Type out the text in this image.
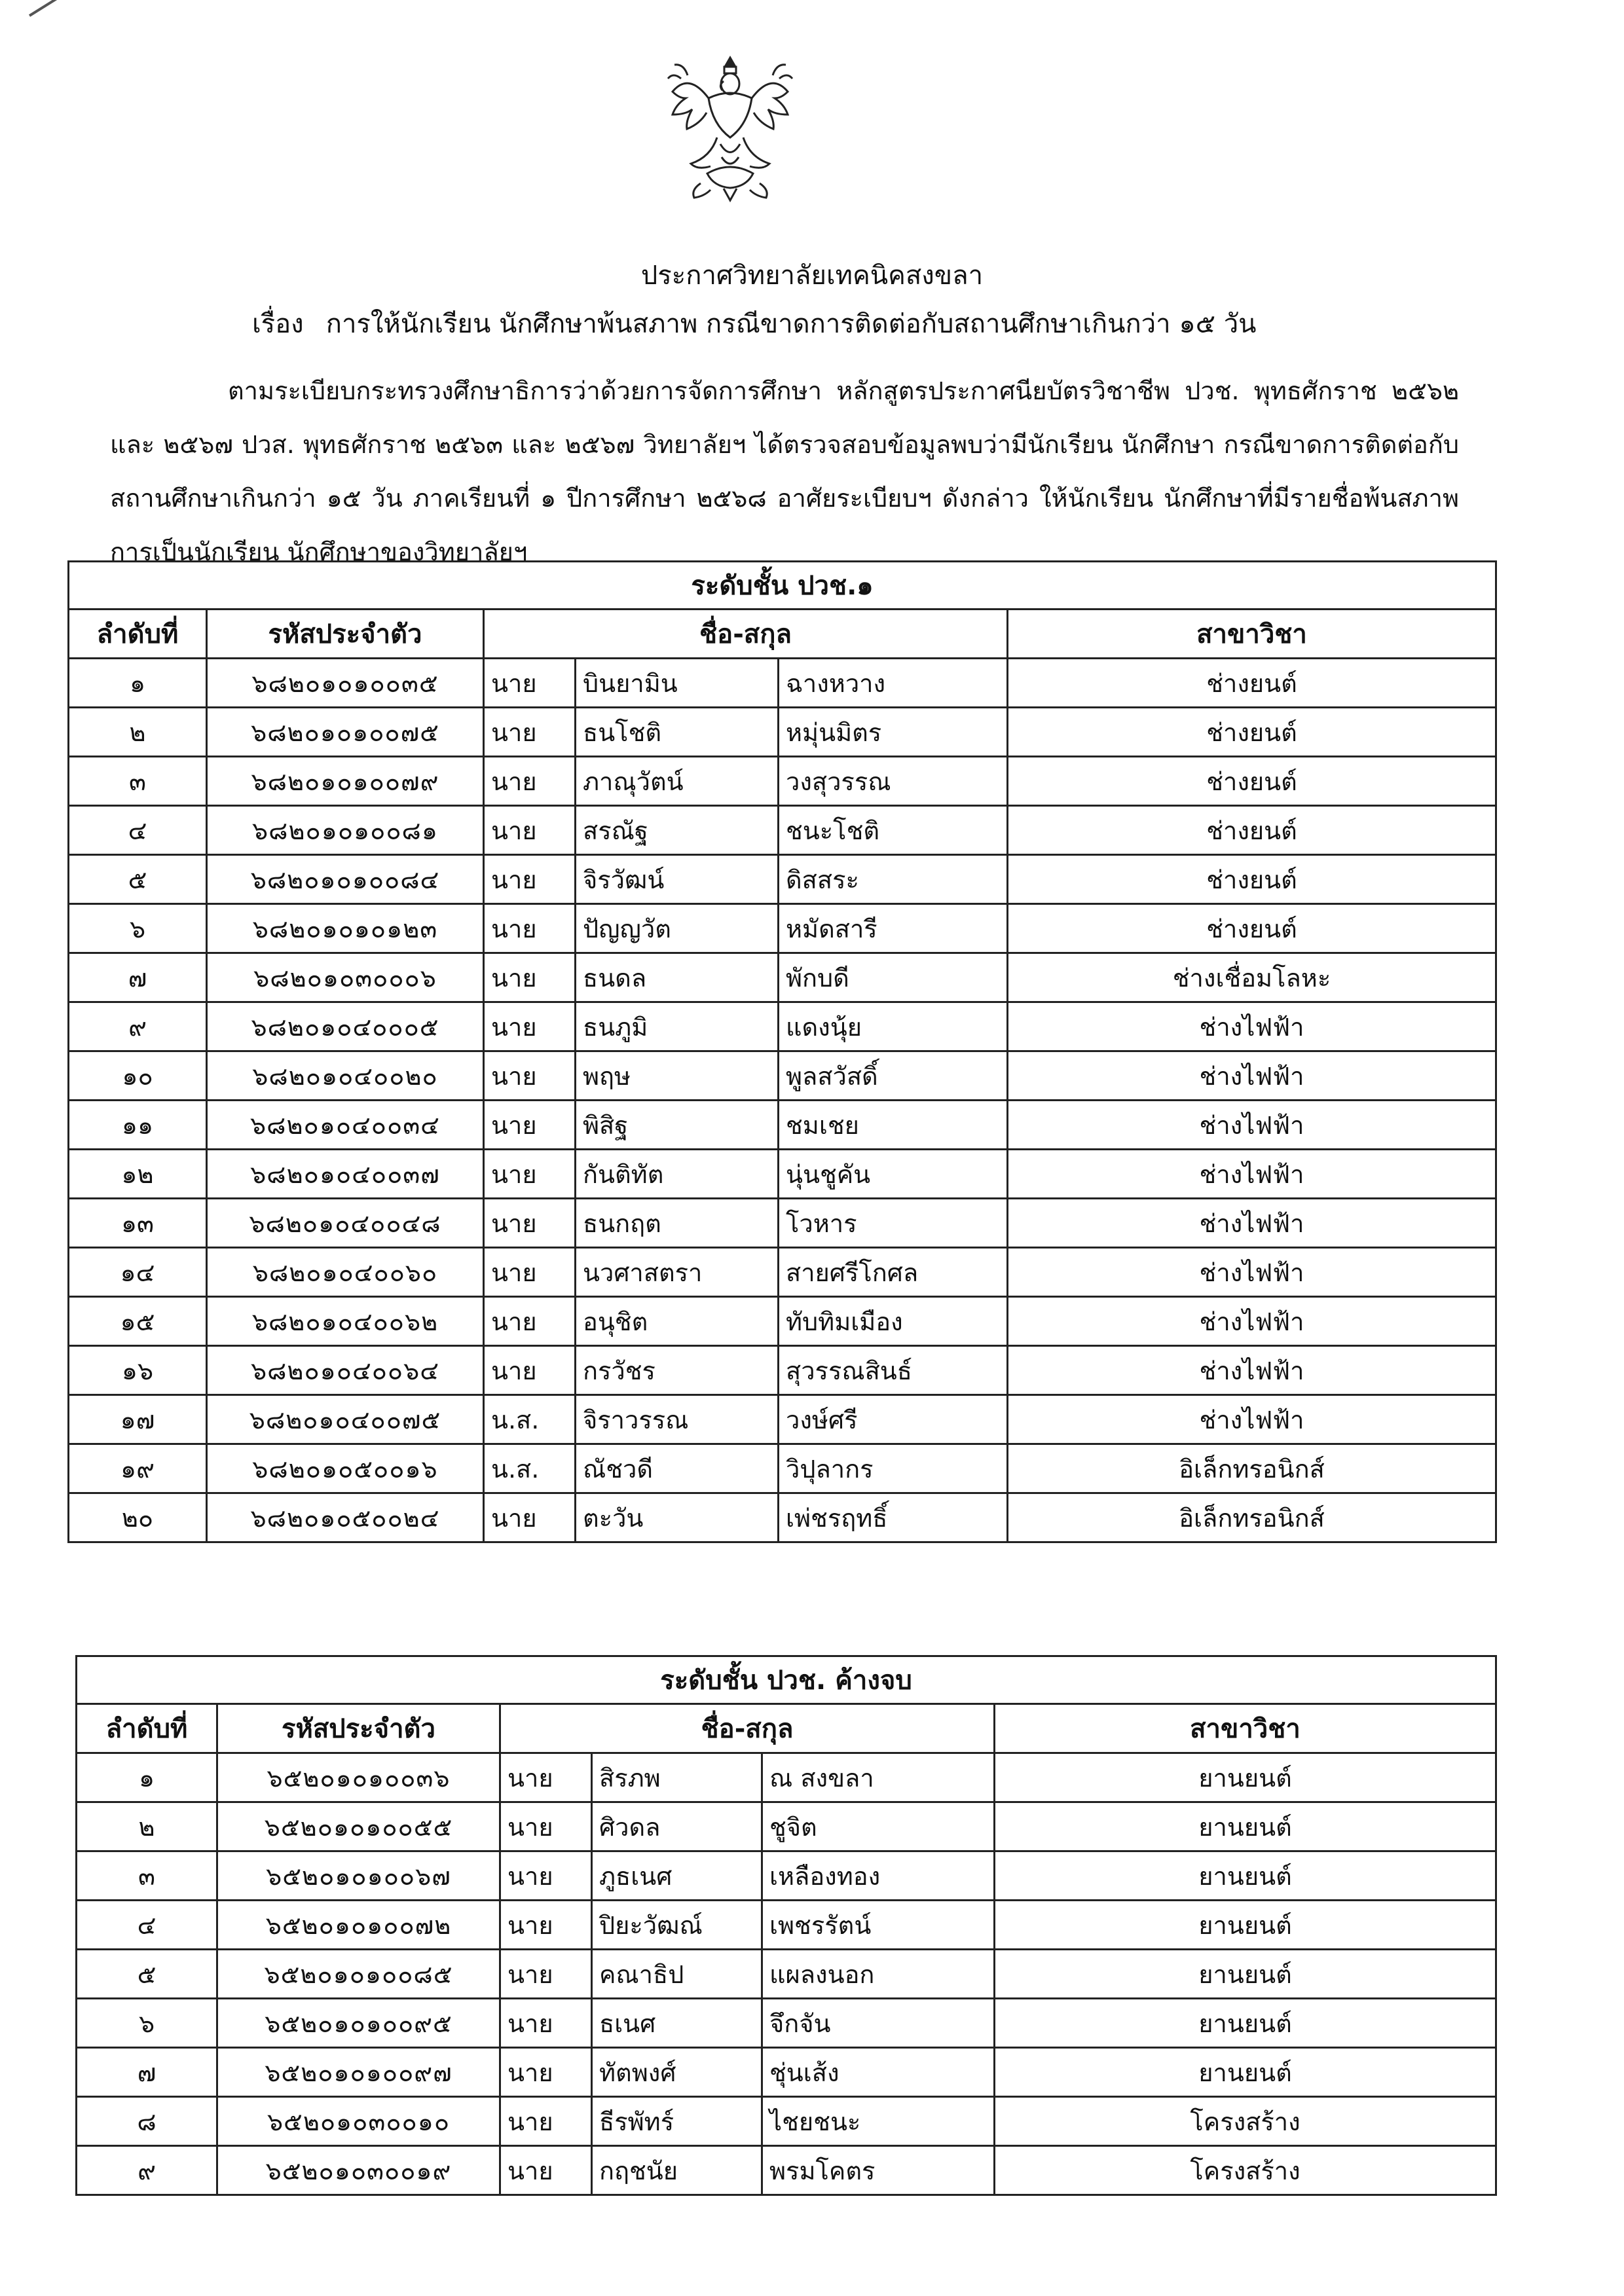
ประกาศวิทยาลัยเทคนิคสงขลา
เรื่อง การให้นักเรียน นักศึกษาพ้นสภาพ กรณีขาดการติดต่อกับสถานศึกษาเกินกว่า ๑๕ วัน
ตามระเบียบกระทรวงศึกษาธิการว่าด้วยการจัดการศึกษา หลักสูตรประกาศนียบัตรวิชาชีพ ปวช. พุทธศักราช ๒๕๖๒ และ ๒๕๖๗ ปวส. พุทธศักราช ๒๕๖๓ และ ๒๕๖๗ วิทยาลัยฯ ได้ตรวจสอบข้อมูลพบว่ามีนักเรียน นักศึกษา กรณีขาดการติดต่อกับสถานศึกษาเกินกว่า ๑๕ วัน ภาคเรียนที่ ๑ ปีการศึกษา ๒๕๖๘ อาศัยระเบียบฯ ดังกล่าว ให้นักเรียน นักศึกษาที่มีรายชื่อพ้นสภาพการเป็นนักเรียน นักศึกษาของวิทยาลัยฯ
ระดับชั้น ปวช.๑					
ลำดับที่	รหัสประจำตัว	ชื่อ-สกุล			สาขาวิชา
๑	๖๘๒๐๑๐๑๐๐๓๕	นาย	บินยามิน	ฉางหวาง	ช่างยนต์
๒	๖๘๒๐๑๐๑๐๐๗๕	นาย	ธนโชติ	หมุ่นมิตร	ช่างยนต์
๓	๖๘๒๐๑๐๑๐๐๗๙	นาย	ภาณุวัตน์	วงสุวรรณ	ช่างยนต์
๔	๖๘๒๐๑๐๑๐๐๘๑	นาย	สรณัฐ	ชนะโชติ	ช่างยนต์
๕	๖๘๒๐๑๐๑๐๐๘๔	นาย	จิรวัฒน์	ดิสสระ	ช่างยนต์
๖	๖๘๒๐๑๐๑๐๑๒๓	นาย	ปัญญวัต	หมัดสารี	ช่างยนต์
๗	๖๘๒๐๑๐๓๐๐๐๖	นาย	ธนดล	พักบดี	ช่างเชื่อมโลหะ
๙	๖๘๒๐๑๐๔๐๐๐๕	นาย	ธนภูมิ	แดงนุ้ย	ช่างไฟฟ้า
๑๐	๖๘๒๐๑๐๔๐๐๒๐	นาย	พฤษ	พูลสวัสดิ์	ช่างไฟฟ้า
๑๑	๖๘๒๐๑๐๔๐๐๓๔	นาย	พิสิฐ	ชมเชย	ช่างไฟฟ้า
๑๒	๖๘๒๐๑๐๔๐๐๓๗	นาย	กันติทัต	นุ่นชูคัน	ช่างไฟฟ้า
๑๓	๖๘๒๐๑๐๔๐๐๔๘	นาย	ธนกฤต	โวหาร	ช่างไฟฟ้า
๑๔	๖๘๒๐๑๐๔๐๐๖๐	นาย	นวศาสตรา	สายศรีโกศล	ช่างไฟฟ้า
๑๕	๖๘๒๐๑๐๔๐๐๖๒	นาย	อนุชิต	ทับทิมเมือง	ช่างไฟฟ้า
๑๖	๖๘๒๐๑๐๔๐๐๖๔	นาย	กรวัชร	สุวรรณสินธ์	ช่างไฟฟ้า
๑๗	๖๘๒๐๑๐๔๐๐๗๕	น.ส.	จิราวรรณ	วงษ์ศรี	ช่างไฟฟ้า
๑๙	๖๘๒๐๑๐๕๐๐๑๖	น.ส.	ณัชวดี	วิปุลากร	อิเล็กทรอนิกส์
๒๐	๖๘๒๐๑๐๕๐๐๒๔	นาย	ตะวัน	เพ่ชรฤทธิ์	อิเล็กทรอนิกส์
ระดับชั้น ปวช. ค้างจบ					
ลำดับที่	รหัสประจำตัว	ชื่อ-สกุล			สาขาวิชา
๑	๖๕๒๐๑๐๑๐๐๓๖	นาย	สิรภพ	ณ สงขลา	ยานยนต์
๒	๖๕๒๐๑๐๑๐๐๕๕	นาย	ศิวดล	ชูจิต	ยานยนต์
๓	๖๕๒๐๑๐๑๐๐๖๗	นาย	ภูธเนศ	เหลืองทอง	ยานยนต์
๔	๖๕๒๐๑๐๑๐๐๗๒	นาย	ปิยะวัฒณ์	เพชรรัตน์	ยานยนต์
๕	๖๕๒๐๑๐๑๐๐๘๕	นาย	คณาธิป	แผลงนอก	ยานยนต์
๖	๖๕๒๐๑๐๑๐๐๙๕	นาย	ธเนศ	จึกจัน	ยานยนต์
๗	๖๕๒๐๑๐๑๐๐๙๗	นาย	ทัตพงศ์	ชุ่นเส้ง	ยานยนต์
๘	๖๕๒๐๑๐๓๐๐๑๐	นาย	ธีรพัทร์	ไชยชนะ	โครงสร้าง
๙	๖๕๒๐๑๐๓๐๐๑๙	นาย	กฤชนัย	พรมโคตร	โครงสร้าง
